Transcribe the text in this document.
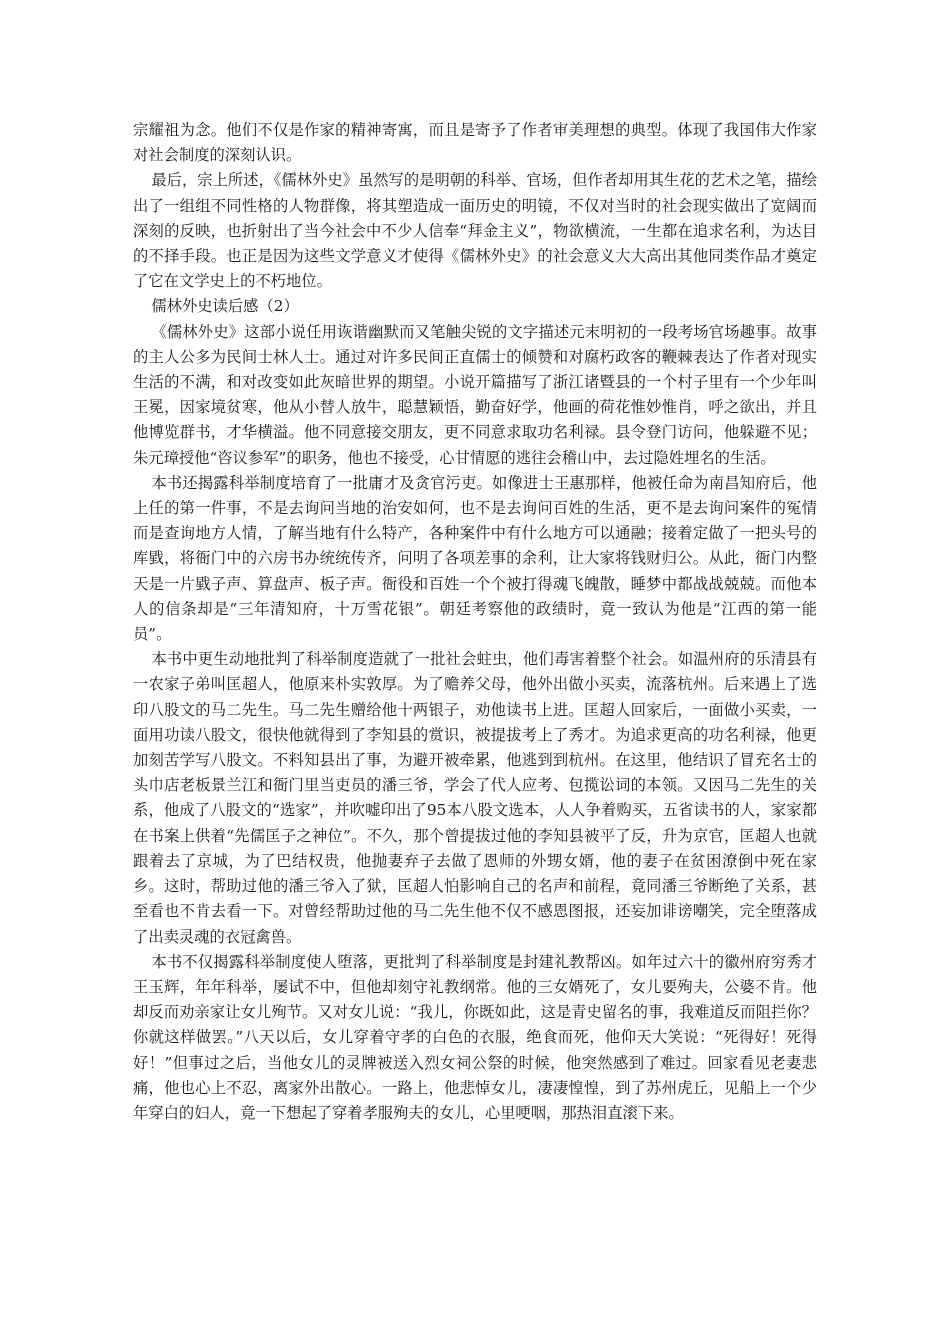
宗耀祖为念。他们不仅是作家的精神寄寓，而且是寄予了作者审美理想的典型。体现了我国伟大作家对社会制度的深刻认识。

最后，宗上所述，《儒林外史》虽然写的是明朝的科举、官场，但作者却用其生花的艺术之笔，描绘出了一组组不同性格的人物群像，将其塑造成一面历史的明镜，不仅对当时的社会现实做出了宽阔而深刻的反映，也折射出了当今社会中不少人信奉“拜金主义”，物欲横流，一生都在追求名利，为达目的不择手段。也正是因为这些文学意义才使得《儒林外史》的社会意义大大高出其他同类作品才奠定了它在文学史上的不朽地位。

儒林外史读后感（2）

《儒林外史》这部小说任用诙谐幽默而又笔触尖锐的文字描述元末明初的一段考场官场趣事。故事的主人公多为民间士林人士。通过对许多民间正直儒士的倾赞和对腐朽政客的鞭棘表达了作者对现实生活的不满，和对改变如此灰暗世界的期望。小说开篇描写了浙江诸暨县的一个村子里有一个少年叫王冕，因家境贫寒，他从小替人放牛，聪慧颖悟，勤奋好学，他画的荷花惟妙惟肖，呼之欲出，并且他博览群书，才华横溢。他不同意接交朋友，更不同意求取功名利禄。县令登门访问，他躲避不见；朱元璋授他“咨议参军”的职务，他也不接受，心甘情愿的逃往会稽山中，去过隐姓埋名的生活。

本书还揭露科举制度培育了一批庸才及贪官污吏。如像进士王惠那样，他被任命为南昌知府后，他上任的第一件事，不是去询问当地的治安如何，也不是去询问百姓的生活，更不是去询问案件的冤情而是查询地方人情，了解当地有什么特产，各种案件中有什么地方可以通融；接着定做了一把头号的库戥，将衙门中的六房书办统统传齐，问明了各项差事的余利，让大家将钱财归公。从此，衙门内整天是一片戥子声、算盘声、板子声。衙役和百姓一个个被打得魂飞魄散，睡梦中都战战兢兢。而他本人的信条却是“三年清知府，十万雪花银”。朝廷考察他的政绩时，竟一致认为他是“江西的第一能员”。

本书中更生动地批判了科举制度造就了一批社会蛀虫，他们毒害着整个社会。如温州府的乐清县有一农家子弟叫匡超人，他原来朴实敦厚。为了赡养父母，他外出做小买卖，流落杭州。后来遇上了选印八股文的马二先生。马二先生赠给他十两银子，劝他读书上进。匡超人回家后，一面做小买卖，一面用功读八股文，很快他就得到了李知县的赏识，被提拔考上了秀才。为追求更高的功名利禄，他更加刻苦学写八股文。不料知县出了事，为避开被牵累，他逃到到杭州。在这里，他结识了冒充名士的头巾店老板景兰江和衙门里当吏员的潘三爷，学会了代人应考、包揽讼词的本领。又因马二先生的关系，他成了八股文的“选家”，并吹嘘印出了95本八股文选本，人人争着购买，五省读书的人，家家都在书案上供着“先儒匡子之神位”。不久，那个曾提拔过他的李知县被平了反，升为京官，匡超人也就跟着去了京城，为了巴结权贵，他抛妻弃子去做了恩师的外甥女婿，他的妻子在贫困潦倒中死在家乡。这时，帮助过他的潘三爷入了狱，匡超人怕影响自己的名声和前程，竟同潘三爷断绝了关系，甚至看也不肯去看一下。对曾经帮助过他的马二先生他不仅不感恩图报，还妄加诽谤嘲笑，完全堕落成了出卖灵魂的衣冠禽兽。

本书不仅揭露科举制度使人堕落，更批判了科举制度是封建礼教帮凶。如年过六十的徽州府穷秀才王玉辉，年年科举，屡试不中，但他却刻守礼教纲常。他的三女婿死了，女儿要殉夫，公婆不肯。他却反而劝亲家让女儿殉节。又对女儿说：“我儿，你既如此，这是青史留名的事，我难道反而阻拦你？你就这样做罢。”八天以后，女儿穿着守孝的白色的衣服，绝食而死，他仰天大笑说：“死得好！死得好！”但事过之后，当他女儿的灵牌被送入烈女祠公祭的时候，他突然感到了难过。回家看见老妻悲痛，他也心上不忍，离家外出散心。一路上，他悲悼女儿，凄凄惶惶，到了苏州虎丘，见船上一个少年穿白的妇人，竟一下想起了穿着孝服殉夫的女儿，心里哽咽，那热泪直滚下来。
